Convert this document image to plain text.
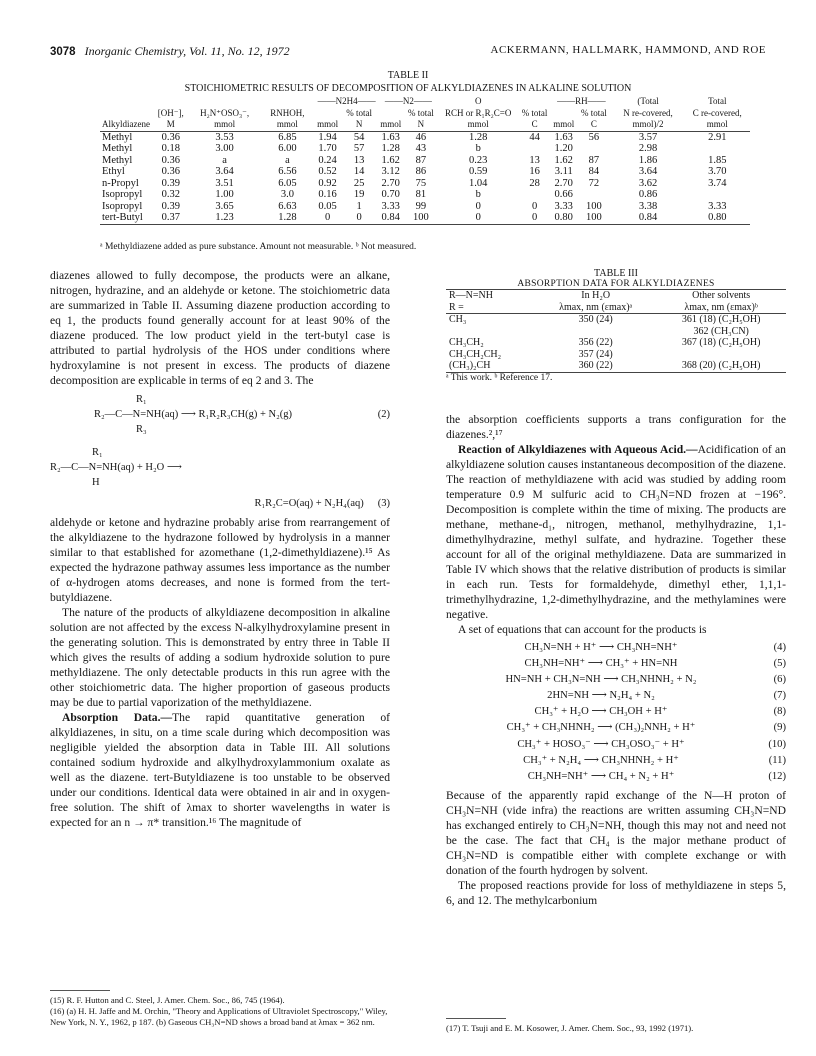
3078 Inorganic Chemistry, Vol. 11, No. 12, 1972	ACKERMANN, HALLMARK, HAMMOND, AND ROE
TABLE II
STOICHIOMETRIC RESULTS OF DECOMPOSITION OF ALKYLDIAZENES IN ALKALINE SOLUTION
				——N2H4——		——N2——		O		——RH——		(Total	Total
Alkyldiazene	[OH⁻], M	H₂N⁺OSO₃⁻, mmol	RNHOH, mmol	mmol	% total N	mmol	% total N	RCH or R₁R₂C=O mmol	% total C	mmol	% total C	N re-covered, mmol)/2	C re-covered, mmol
Methyl	0.36	3.53	6.85	1.94	54	1.63	46	1.28	44	1.63	56	3.57	2.91
Methyl	0.18	3.00	6.00	1.70	57	1.28	43	b		1.20		2.98	
Methyl	0.36	a	a	0.24	13	1.62	87	0.23	13	1.62	87	1.86	1.85
Ethyl	0.36	3.64	6.56	0.52	14	3.12	86	0.59	16	3.11	84	3.64	3.70
n-Propyl	0.39	3.51	6.05	0.92	25	2.70	75	1.04	28	2.70	72	3.62	3.74
Isopropyl	0.32	1.00	3.0	0.16	19	0.70	81	b		0.66		0.86	
Isopropyl	0.39	3.65	6.63	0.05	1	3.33	99	0	0	3.33	100	3.38	3.33
tert-Butyl	0.37	1.23	1.28	0	0	0.84	100	0	0	0.80	100	0.84	0.80
ᵃ Methyldiazene added as pure substance. Amount not measurable. ᵇ Not measured.

diazenes allowed to fully decompose, the products were an alkane, nitrogen, hydrazine, and an aldehyde or ketone. The stoichiometric data are summarized in Table II. Assuming diazene production according to eq 1, the products found generally account for at least 90% of the diazene produced. The low product yield in the tert-butyl case is attributed to partial hydrolysis of the HOS under conditions where hydroxylamine is not present in excess. The products of diazene decomposition are explicable in terms of eq 2 and 3. The

R₁
R₂—C—N=NH(aq) ⟶ R₁R₂R₃CH(g) + N₂(g)	(2)
R₃
R₁
R₂—C—N=NH(aq) + H₂O ⟶
H
R₁R₂C=O(aq) + N₂H₄(aq) (3)

aldehyde or ketone and hydrazine probably arise from rearrangement of the alkyldiazene to the hydrazone followed by hydrolysis in a manner similar to that established for azomethane (1,2-dimethyldiazene).¹⁵ As expected the hydrazone pathway assumes less importance as the number of α-hydrogen atoms decreases, and none is formed from the tert-butyldiazene.

The nature of the products of alkyldiazene decomposition in alkaline solution are not affected by the excess N-alkylhydroxylamine present in the generating solution. This is demonstrated by entry three in Table II which gives the results of adding a sodium hydroxide solution to pure methyldiazene. The only detectable products in this run agree with the other stoichiometric data. The higher proportion of gaseous products may be due to partial vaporization of the methyldiazene.

Absorption Data.—The rapid quantitative generation of alkyldiazenes, in situ, on a time scale during which decomposition was negligible yielded the absorption data in Table III. All solutions contained sodium hydroxide and alkylhydroxylammonium oxalate as well as the diazene. tert-Butyldiazene is too unstable to be observed under our conditions. Identical data were obtained in air and in oxygen-free solution. The shift of λmax to shorter wavelengths in water is expected for an n → π* transition.¹⁶ The magnitude of

(15) R. F. Hutton and C. Steel, J. Amer. Chem. Soc., 86, 745 (1964).
(16) (a) H. H. Jaffe and M. Orchin, "Theory and Applications of Ultraviolet Spectroscopy," Wiley, New York, N. Y., 1962, p 187. (b) Gaseous CH₃N=ND shows a broad band at λmax = 362 nm.
TABLE III
ABSORPTION DATA FOR ALKYLDIAZENES
R—N=NH	In H₂O	Other solvents
R =	λmax, nm (εmax)ᵃ	λmax, nm (εmax)ᵇ
CH₃	350 (24)	361 (18) (C₂H₅OH)
		362 (CH₃CN)
CH₃CH₂	356 (22)	367 (18) (C₂H₅OH)
CH₃CH₂CH₂	357 (24)	
(CH₃)₂CH	360 (22)	368 (20) (C₂H₅OH)
ᵃ This work. ᵇ Reference 17.

the absorption coefficients supports a trans configuration for the diazenes.²,¹⁷

Reaction of Alkyldiazenes with Aqueous Acid.—Acidification of an alkyldiazene solution causes instantaneous decomposition of the diazene. The reaction of methyldiazene with acid was studied by adding room temperature 0.9 M sulfuric acid to CH₃N=ND frozen at −196°. Decomposition is complete within the time of mixing. The products are methane, methane-d₁, nitrogen, methanol, methylhydrazine, 1,1-dimethylhydrazine, methyl sulfate, and hydrazine. Together these account for all of the original methyldiazene. Data are summarized in Table IV which shows that the relative distribution of products is similar in each run. Tests for formaldehyde, dimethyl ether, 1,1,1-trimethylhydrazine, 1,2-dimethylhydrazine, and the methylamines were negative.

A set of equations that can account for the products is

CH₃N=NH + H⁺ ⟶ CH₃NH=NH⁺	(4)
CH₃NH=NH⁺ ⟶ CH₃⁺ + HN=NH	(5)
HN=NH + CH₃N=NH ⟶ CH₃NHNH₂ + N₂	(6)
2HN=NH ⟶ N₂H₄ + N₂	(7)
CH₃⁺ + H₂O ⟶ CH₃OH + H⁺	(8)
CH₃⁺ + CH₃NHNH₂ ⟶ (CH₃)₂NNH₂ + H⁺	(9)
CH₃⁺ + HOSO₃⁻ ⟶ CH₃OSO₃⁻ + H⁺	(10)
CH₃⁺ + N₂H₄ ⟶ CH₃NHNH₂ + H⁺	(11)
CH₃NH=NH⁺ ⟶ CH₄ + N₂ + H⁺	(12)

Because of the apparently rapid exchange of the N—H proton of CH₃N=NH (vide infra) the reactions are written assuming CH₃N=ND has exchanged entirely to CH₃N=NH, though this may not and need not be the case. The fact that CH₄ is the major methane product of CH₃N=ND is compatible either with complete exchange or with donation of the fourth hydrogen by solvent.

The proposed reactions provide for loss of methyldiazene in steps 5, 6, and 12. The methylcarbonium

(17) T. Tsuji and E. M. Kosower, J. Amer. Chem. Soc., 93, 1992 (1971).
